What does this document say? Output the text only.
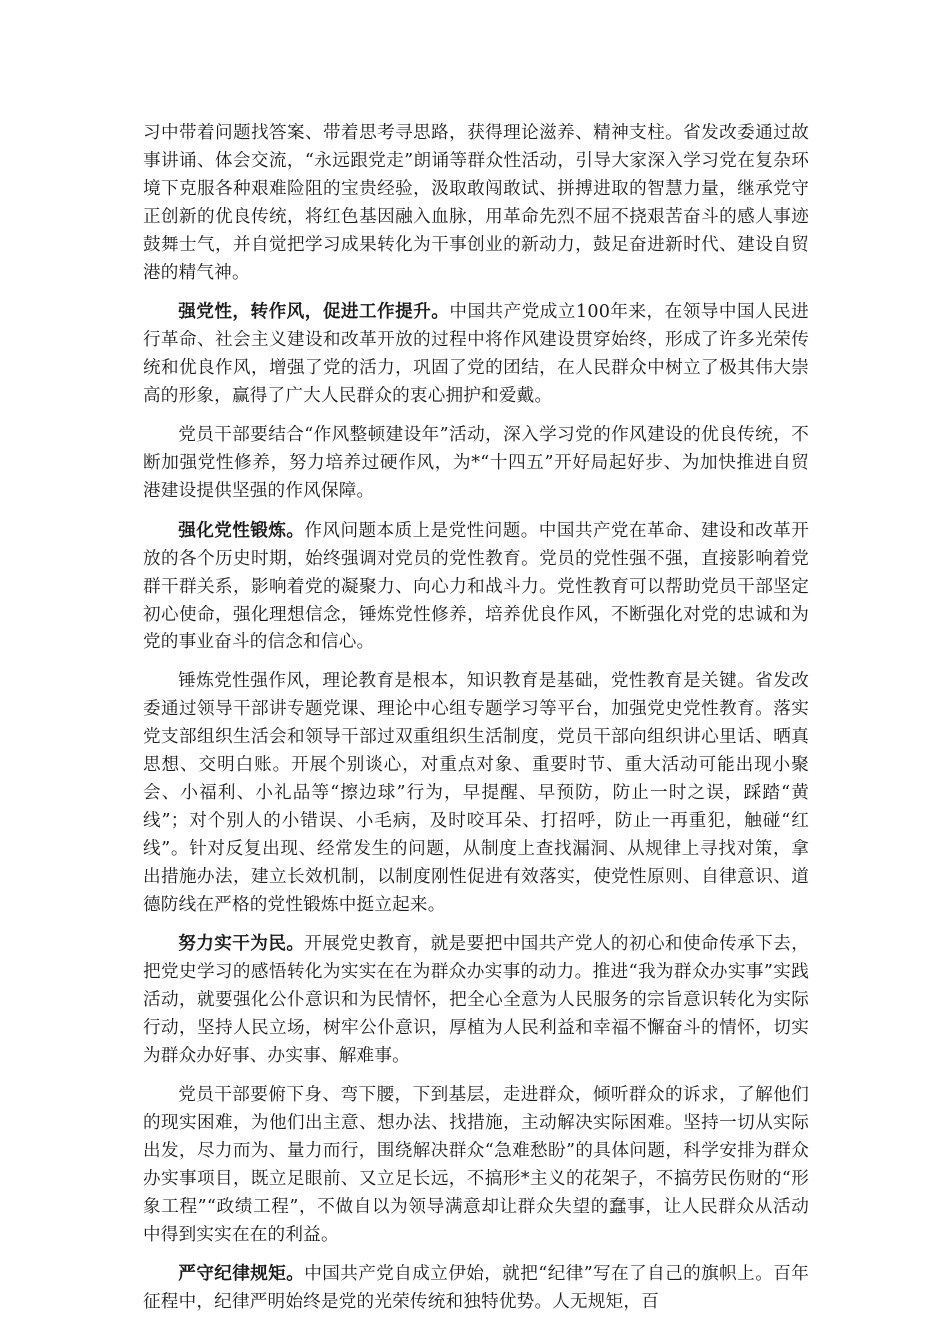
习中带着问题找答案、带着思考寻思路，获得理论滋养、精神支柱。省发改委通过故事讲诵、体会交流，“永远跟党走”朗诵等群众性活动，引导大家深入学习党在复杂环境下克服各种艰难险阻的宝贵经验，汲取敢闯敢试、拼搏进取的智慧力量，继承党守正创新的优良传统，将红色基因融入血脉，用革命先烈不屈不挠艰苦奋斗的感人事迹鼓舞士气，并自觉把学习成果转化为干事创业的新动力，鼓足奋进新时代、建设自贸港的精气神。

强党性，转作风，促进工作提升。中国共产党成立100年来，在领导中国人民进行革命、社会主义建设和改革开放的过程中将作风建设贯穿始终，形成了许多光荣传统和优良作风，增强了党的活力，巩固了党的团结，在人民群众中树立了极其伟大崇高的形象，赢得了广大人民群众的衷心拥护和爱戴。

党员干部要结合“作风整顿建设年”活动，深入学习党的作风建设的优良传统，不断加强党性修养，努力培养过硬作风，为*“十四五”开好局起好步、为加快推进自贸港建设提供坚强的作风保障。

强化党性锻炼。作风问题本质上是党性问题。中国共产党在革命、建设和改革开放的各个历史时期，始终强调对党员的党性教育。党员的党性强不强，直接影响着党群干群关系，影响着党的凝聚力、向心力和战斗力。党性教育可以帮助党员干部坚定初心使命，强化理想信念，锤炼党性修养，培养优良作风，不断强化对党的忠诚和为党的事业奋斗的信念和信心。

锤炼党性强作风，理论教育是根本，知识教育是基础，党性教育是关键。省发改委通过领导干部讲专题党课、理论中心组专题学习等平台，加强党史党性教育。落实党支部组织生活会和领导干部过双重组织生活制度，党员干部向组织讲心里话、晒真思想、交明白账。开展个别谈心，对重点对象、重要时节、重大活动可能出现小聚会、小福利、小礼品等“擦边球”行为，早提醒、早预防，防止一时之误，踩踏“黄线”；对个别人的小错误、小毛病，及时咬耳朵、打招呼，防止一再重犯，触碰“红线”。针对反复出现、经常发生的问题，从制度上查找漏洞、从规律上寻找对策，拿出措施办法，建立长效机制，以制度刚性促进有效落实，使党性原则、自律意识、道德防线在严格的党性锻炼中挺立起来。

努力实干为民。开展党史教育，就是要把中国共产党人的初心和使命传承下去，把党史学习的感悟转化为实实在在为群众办实事的动力。推进“我为群众办实事”实践活动，就要强化公仆意识和为民情怀，把全心全意为人民服务的宗旨意识转化为实际行动，坚持人民立场，树牢公仆意识，厚植为人民利益和幸福不懈奋斗的情怀，切实为群众办好事、办实事、解难事。

党员干部要俯下身、弯下腰，下到基层，走进群众，倾听群众的诉求，了解他们的现实困难，为他们出主意、想办法、找措施，主动解决实际困难。坚持一切从实际出发，尽力而为、量力而行，围绕解决群众“急难愁盼”的具体问题，科学安排为群众办实事项目，既立足眼前、又立足长远，不搞形*主义的花架子，不搞劳民伤财的“形象工程”“政绩工程”，不做自以为领导满意却让群众失望的蠢事，让人民群众从活动中得到实实在在的利益。

严守纪律规矩。中国共产党自成立伊始，就把“纪律”写在了自己的旗帜上。百年征程中，纪律严明始终是党的光荣传统和独特优势。人无规矩，百
